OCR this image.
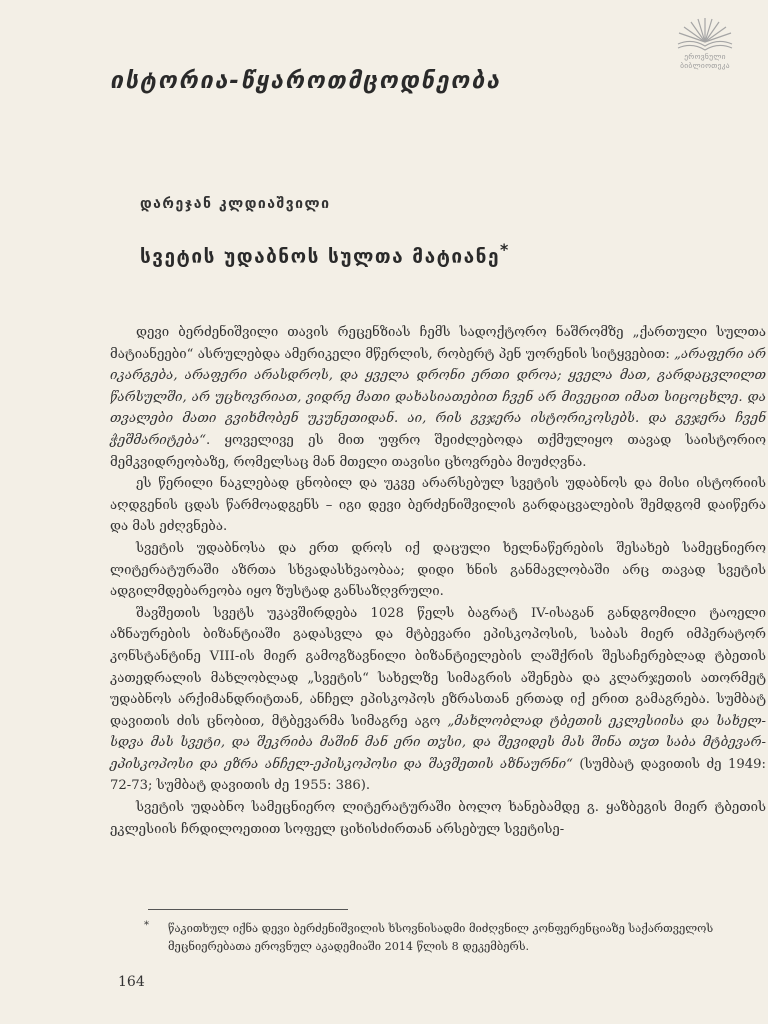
ეროვნული
ბიბლიოთეკა
ისტორია-წყაროთმცოდნეობა
დარეჯან კლდიაშვილი
სვეტის უდაბნოს სულთა მატიანე*

დევი ბერძენიშვილი თავის რეცენზიას ჩემს სადოქტორო ნაშრომზე „ქართული სულთა მატიანეები“ ასრულებდა ამერიკელი მწერლის, რობერტ პენ უორენის სიტყვებით: „არაფერი არ იკარგება, არაფერი არასდროს, და ყველა დრონი ერთი დროა; ყველა მათ, გარდაცვლილთ წარსულში, არ უცხოვრიათ, ვიდრე მათი დახასიათებით ჩვენ არ მივეცით იმათ სიცოცხლე. და თვალები მათი გვიხმობენ უკუნეთიდან. აი, რის გვჯერა ისტორიკოსებს. და გვჯერა ჩვენ ჭეშმარიტება“. ყოველივე ეს მით უფრო შეიძლებოდა თქმულიყო თავად საისტორიო მემკვიდრეობაზე, რომელსაც მან მთელი თავისი ცხოვრება მიუძღვნა.

ეს წერილი ნაკლებად ცნობილ და უკვე არარსებულ სვეტის უდაბნოს და მისი ისტორიის აღდგენის ცდას წარმოადგენს – იგი დევი ბერძენიშვილის გარდაცვალების შემდგომ დაიწერა და მას ეძღვნება.

სვეტის უდაბნოსა და ერთ დროს იქ დაცული ხელნაწერების შესახებ სამეცნიერო ლიტერატურაში აზრთა სხვადასხვაობაა; დიდი ხნის განმავლობაში არც თავად სვეტის ადგილმდებარეობა იყო ზუსტად განსაზღვრული.

შავშეთის სვეტს უკავშირდება 1028 წელს ბაგრატ IV-ისაგან განდგომილი ტაოელი აზნაურების ბიზანტიაში გადასვლა და მტბევარი ეპისკოპოსის, საბას მიერ იმპერატორ კონსტანტინე VIII-ის მიერ გამოგზავნილი ბიზანტიელების ლაშქრის შესაჩერებლად ტბეთის კათედრალის მახლობლად „სვეტის“ სახელზე სიმაგრის აშენება და კლარჯეთის ათორმეტ უდაბნოს არქიმანდრიტთან, ანჩელ ეპისკოპოს ეზრასთან ერთად იქ ერით გამაგრება. სუმბატ დავითის ძის ცნობით, მტბევარმა სიმაგრე აგო „მახლობლად ტბეთის ეკლესიისა და სახელ-სდვა მას სვეტი, და შეკრიბა მაშინ მან ერი თჳსი, და შევიდეს მას შინა თჳთ საბა მტბევარ-ეპისკოპოსი და ეზრა ანჩელ-ეპისკოპოსი და შავშეთის აზნაურნი“ (სუმბატ დავითის ძე 1949: 72-73; სუმბატ დავითის ძე 1955: 386).

სვეტის უდაბნო სამეცნიერო ლიტერატურაში ბოლო ხანებამდე გ. ყაზბეგის მიერ ტბეთის ეკლესიის ჩრდილოეთით სოფელ ციხისძირთან არსებულ სვეტისე-

* წაკითხულ იქნა დევი ბერძენიშვილის ხსოვნისადმი მიძღვნილ კონფერენციაზე საქართველოს მეცნიერებათა ეროვნულ აკადემიაში 2014 წლის 8 დეკემბერს.
164
